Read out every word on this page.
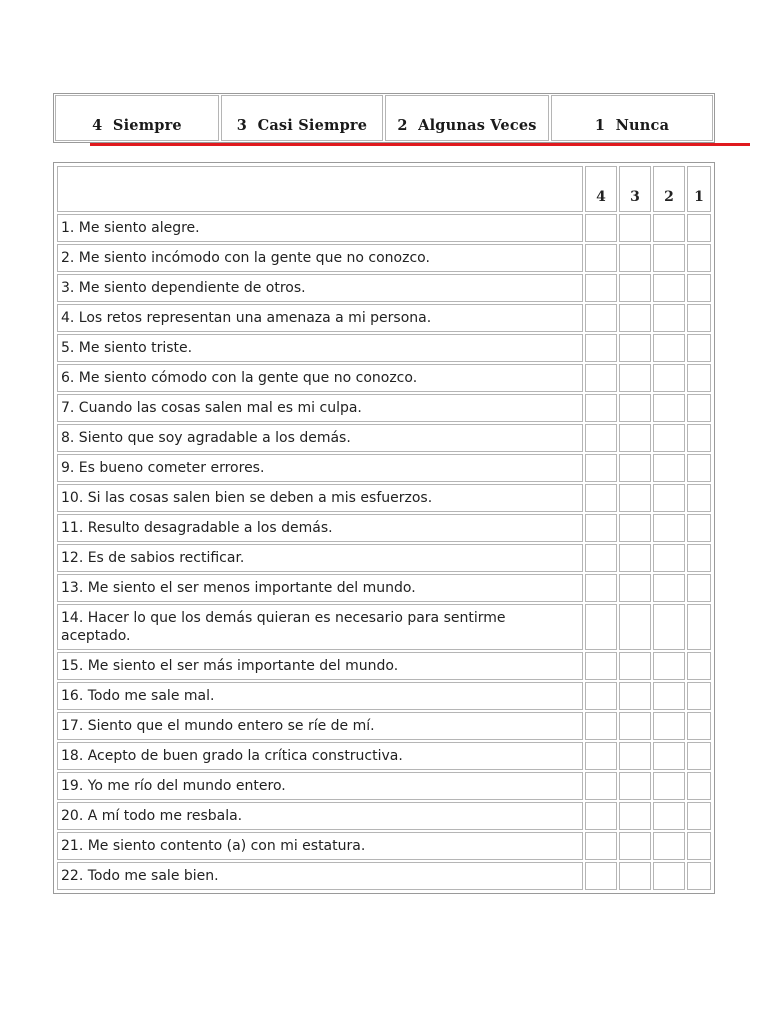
4  Siempre	3  Casi Siempre	2  Algunas Veces	1  Nunca
	4	3	2	1
1. Me siento alegre.				
2. Me siento incómodo con la gente que no conozco.				
3. Me siento dependiente de otros.				
4. Los retos representan una amenaza a mi persona.				
5. Me siento triste.				
6. Me siento cómodo con la gente que no conozco.				
7. Cuando las cosas salen mal es mi culpa.				
8. Siento que soy agradable a los demás.				
9. Es bueno cometer errores.				
10. Si las cosas salen bien se deben a mis esfuerzos.				
11. Resulto desagradable a los demás.				
12. Es de sabios rectificar.				
13. Me siento el ser menos importante del mundo.				
14. Hacer lo que los demás quieran es necesario para sentirme aceptado.				
15. Me siento el ser más importante del mundo.				
16. Todo me sale mal.				
17. Siento que el mundo entero se ríe de mí.				
18. Acepto de buen grado la crítica constructiva.				
19. Yo me río del mundo entero.				
20. A mí todo me resbala.				
21. Me siento contento (a) con mi estatura.				
22. Todo me sale bien.				
